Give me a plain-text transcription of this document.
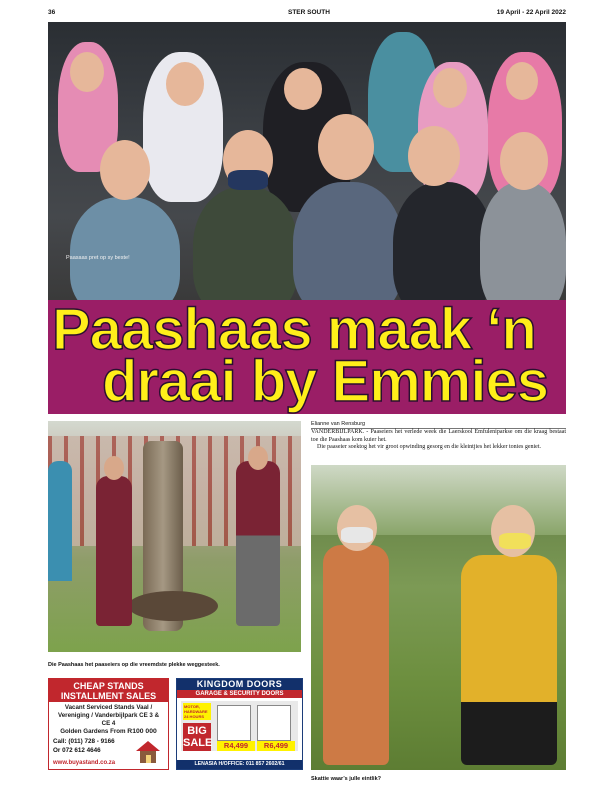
36	STER SOUTH	19 April - 22 April 2022
Paasaas pret op sy beste!
Paashaas maak ‘n
draai by Emmies
Die Paashaas het paaseiers op die vreemdste plekke weggesteek.
Elianne van Rensburg

VANDERBIJLPARK. - Paaseiers het verlede week die Laerskool Emfuleniparkse om die kraag bestaat toe die Paashaas kom kuier het.

Die paaseier soektog het vir groot opwinding gesorg en die kleintjies het lekker tonies geniet.

Skattie waar’s julle eintlik?
CHEAP STANDS
INSTALLMENT SALES
Vacant Serviced Stands Vaal /
Vereniging / Vanderbijlpark CE 3 & CE 4
Golden Gardens From R100 000
Call: (011) 728 - 9166
Or 072 612 4646
www.buyastand.co.za
KINGDOM DOORS
GARAGE & SECURITY DOORS
MOTOR, HARDWARE 24 HOURS
BIG SALE	R4,499	R6,499
LENASIA H/OFFICE: 011 857 2602/61
